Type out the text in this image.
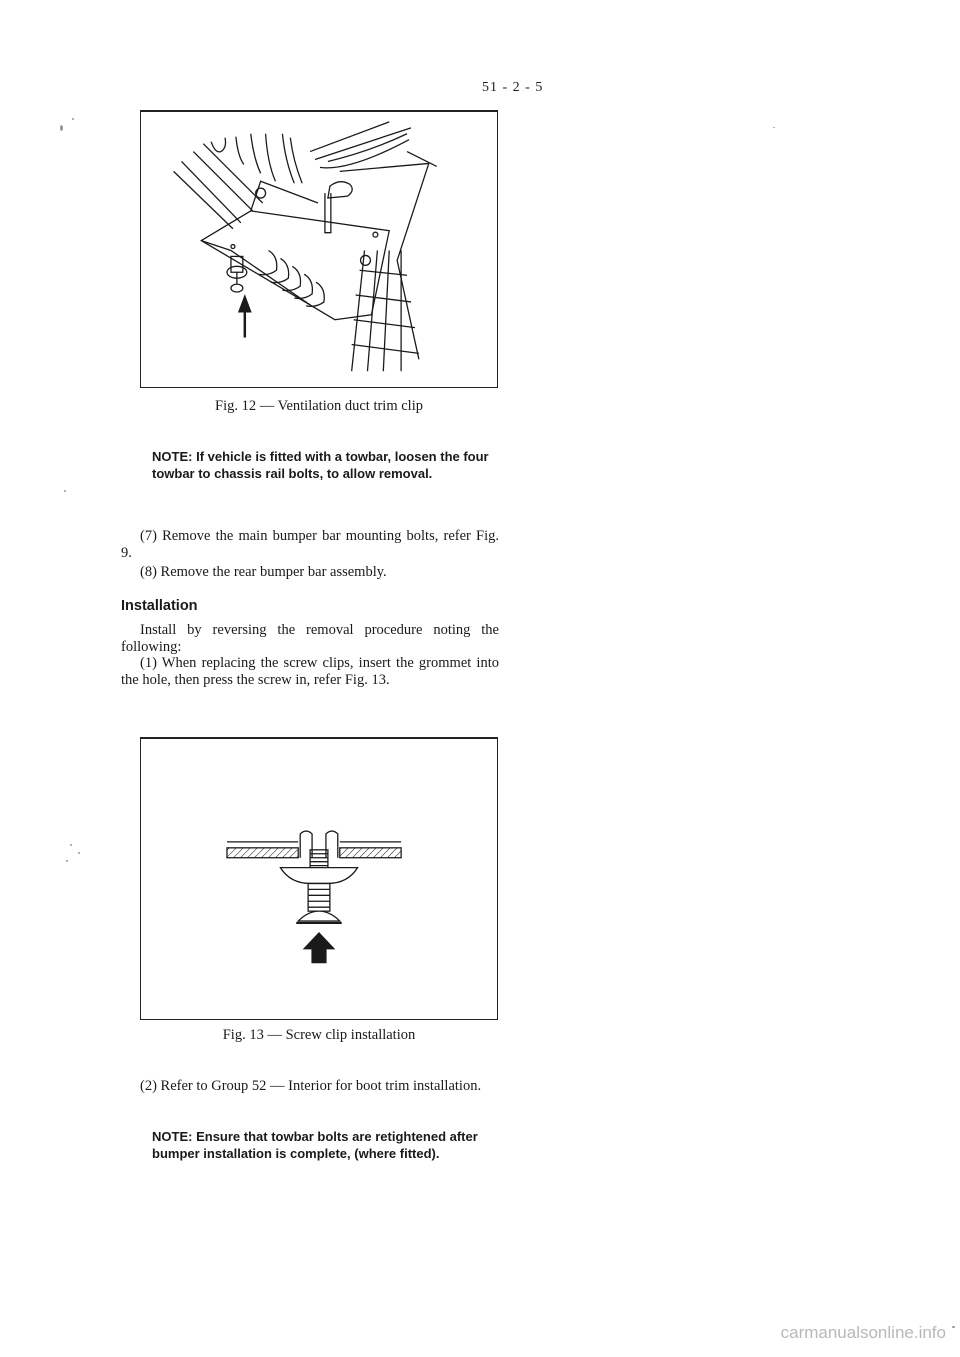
51 - 2 - 5
Fig. 12 — Ventilation duct trim clip
NOTE: If vehicle is fitted with a towbar, loosen the four towbar to chassis rail bolts, to allow removal.
(7) Remove the main bumper bar mounting bolts, refer Fig. 9.
(8) Remove the rear bumper bar assembly.
Installation
Install by reversing the removal procedure noting the following:
(1) When replacing the screw clips, insert the grommet into the hole, then press the screw in, refer Fig. 13.
Fig. 13 — Screw clip installation
(2) Refer to Group 52 — Interior for boot trim installation.
NOTE: Ensure that towbar bolts are retightened after bumper installation is complete, (where fitted).
carmanualsonline.info
